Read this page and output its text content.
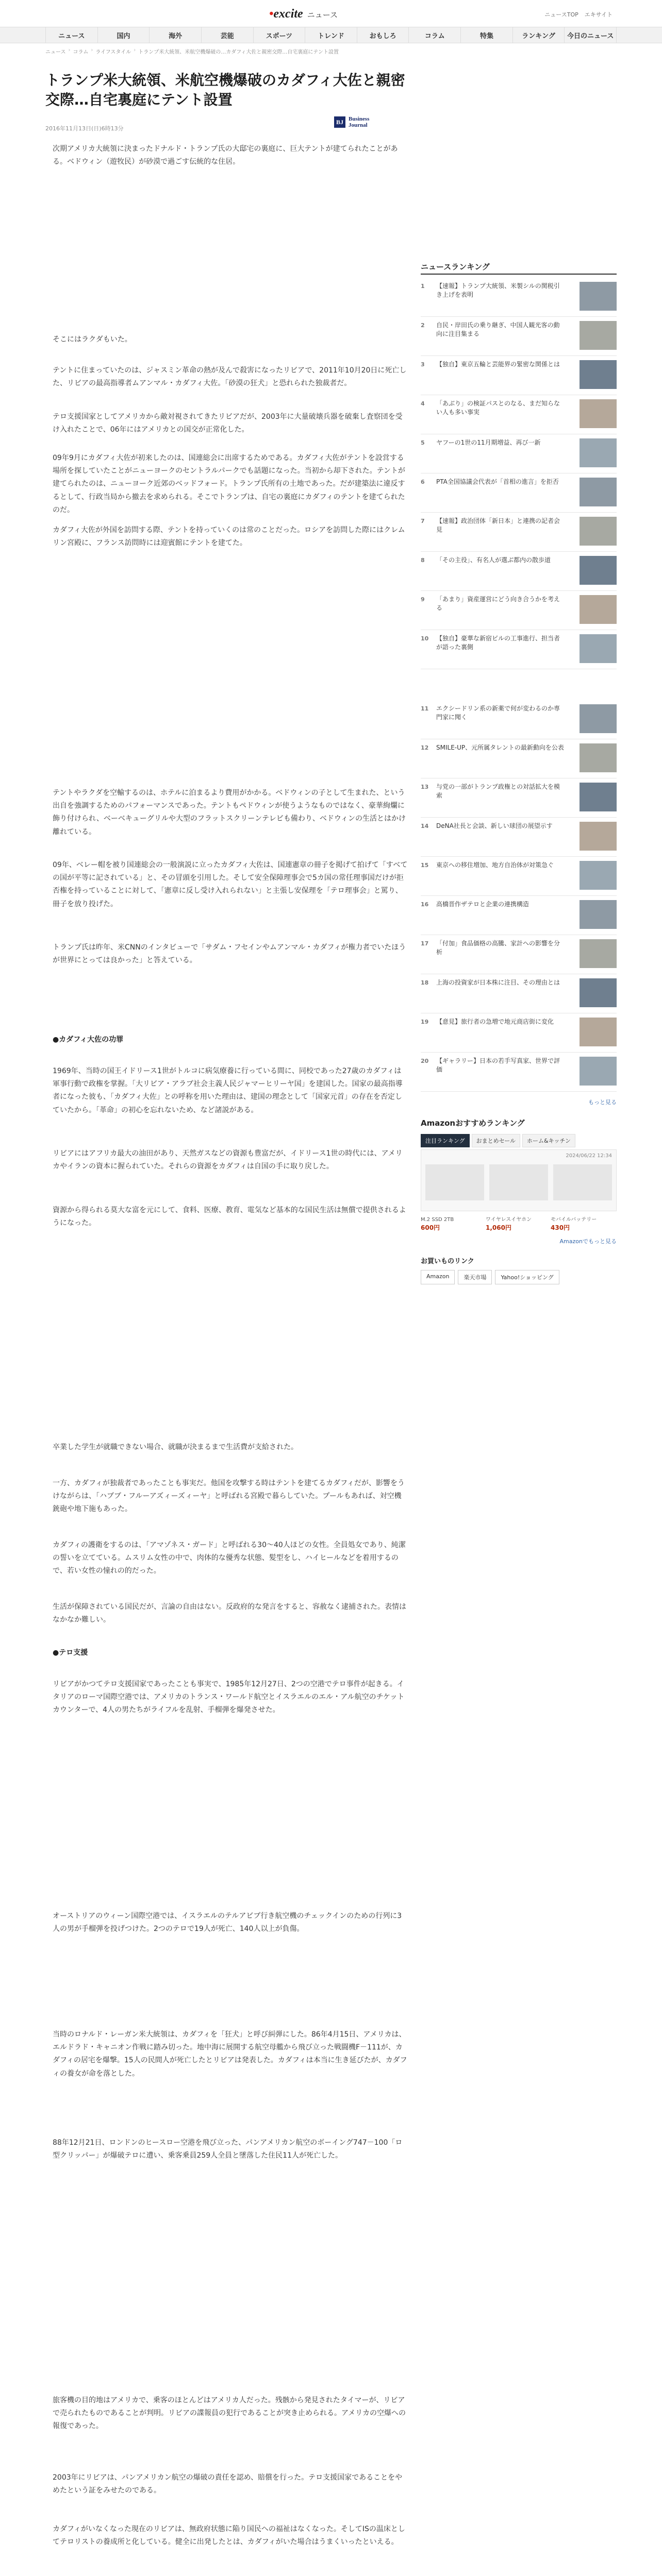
•excite ニュース	ニュースTOP エキサイト
ニュース	国内	海外	芸能	スポーツ	トレンド	おもしろ	コラム	特集	ランキング	今日のニュース
ニュース › コラム › ライフスタイル › トランプ米大統領、米航空機爆破の…カダフィ大佐と親密交際…自宅裏庭にテント設置
トランプ米大統領、米航空機爆破のカダフィ大佐と親密交際…自宅裏庭にテント設置
2016年11月13日(日)6時13分
BJ Business
Journal

次期アメリカ大統領に決まったドナルド・トランプ氏の大邸宅の裏庭に、巨大テントが建てられたことがある。ベドウィン（遊牧民）が砂漠で過ごす伝統的な住居。

そこにはラクダもいた。

テントに住まっていたのは、ジャスミン革命の熱が及んで殺害になったリビアで、2011年10月20日に死亡した、リビアの最高指導者ムアンマル・カダフィ大佐。「砂漠の狂犬」と恐れられた独裁者だ。

テロ支援国家としてアメリカから敵対視されてきたリビアだが、2003年に大量破壊兵器を破棄し査察団を受け入れたことで、06年にはアメリカとの国交が正常化した。

09年9月にカダフィ大佐が初来したのは、国連総会に出席するためである。カダフィ大佐がテントを設営する場所を探していたことがニューヨークのセントラルパークでも話題になった。当初から却下された。テントが建てられたのは、ニューヨーク近郊のベッドフォード。トランプ氏所有の土地であった。だが建築法に違反するとして、行政当局から撤去を求められる。そこでトランプは、自宅の裏庭にカダフィのテントを建てられたのだ。

カダフィ大佐が外国を訪問する際、テントを持っていくのは常のことだった。ロシアを訪問した際にはクレムリン宮殿に、フランス訪問時には迎賓館にテントを建てた。

テントやラクダを空輸するのは、ホテルに泊まるより費用がかかる。ベドウィンの子として生まれた、という出自を強調するためのパフォーマンスであった。テントもペドウィンが使うようなものではなく、豪華絢爛に飾り付けられ、ベーベキューグリルや大型のフラットスクリーンテレビも備わり、ベドウィンの生活とはかけ離れている。

09年、ベレー帽を被り国連総会の一般演説に立ったカダフィ大佐は、国連憲章の冊子を掲げて拍げて「すべての国が平等に記されている」と、その冒頭を引用した。そして安全保障理事会で5カ国の常任理事国だけが拒否権を持っていることに対して、「憲章に反し受け入れられない」と主張し安保理を「テロ理事会」と罵り、冊子を放り投げた。

トランプ氏は昨年、米CNNのインタビューで「サダム・フセインやムアンマル・カダフィが権力者でいたほうが世界にとっては良かった」と答えている。

●カダフィ大佐の功罪

1969年、当時の国王イドリース1世がトルコに病気療養に行っている間に、同校であった27歳のカダフィは軍事行動で政権を掌握。「大リビア・アラブ社会主義人民ジャマーヒリーヤ国」を建国した。国家の最高指導者になった彼も、「カダフィ大佐」との呼称を用いた理由は、建国の理念として「国家元首」の存在を否定していたから。「革命」の初心を忘れないため、など諸説がある。

リビアにはアフリカ最大の油田があり、天然ガスなどの資源も豊富だが、イドリース1世の時代には、アメリカやイランの資本に握られていた。それらの資源をカダフィは自国の手に取り戻した。

資源から得られる莫大な富を元にして、食料、医療、教育、電気など基本的な国民生活は無償で提供されるようになった。

卒業した学生が就職できない場合、就職が決まるまで生活費が支給された。

一方、カダフィが独裁者であったことも事実だ。他国を攻撃する時はテントを建てるカダフィだが、影響をうけながらは、「ハブブ・フルーアズィーズィーヤ」と呼ばれる宮殿で暮らしていた。プールもあれば、対空機銃砲や地下施もあった。

カダフィの護衛をするのは、「アマゾネス・ガード」と呼ばれる30～40人ほどの女性。全員処女であり、純潔の誓いを立てている。ムスリム女性の中で、肉体的な優秀な状態、髪型をし、ハイヒールなどを着用するので、若い女性の憧れの的だった。

生活が保障されている国民だが、言論の自由はない。反政府的な発言をすると、容赦なく逮捕された。表情はなかなか難しい。

●テロ支援

リビアがかつてテロ支援国家であったことも事実で、1985年12月27日、2つの空港でテロ事件が起きる。イタリアのローマ国際空港では、アメリカのトランス・ワールド航空とイスラエルのエル・アル航空のチケットカウンターで、4人の男たちがライフルを乱射、手榴弾を爆発させた。

オーストリアのウィーン国際空港では、イスラエルのテルアビブ行き航空機のチェックインのための行列に3人の男が手榴弾を投げつけた。2つのテロで19人が死亡、140人以上が負傷。

当時のロナルド・レーガン米大統領は、カダフィを「狂犬」と呼び糾弾にした。86年4月15日、アメリカは、エルドラド・キャニオン作戦に踏み切った。地中海に展開する航空母艦から飛び立った戦闘機F－111が、カダフィの居宅を爆撃。15人の民間人が死亡したとリビアは発表した。カダフィは本当に生き延びたが、カダフィの養女が命を落とした。

88年12月21日、ロンドンのヒースロー空港を飛び立った、パンアメリカン航空のボーイング747－100「ロ型クリッパー」が爆破テロに遭い、乗客乗員259人全員と墜落した住民11人が死亡した。

旅客機の目的地はアメリカで、乗客のほとんどはアメリカ人だった。残骸から発見されたタイマーが、リビアで売られたものであることが判明。リビアの諜報員の犯行であることが突き止められる。アメリカの空爆への報復であった。

2003年にリビアは、パンアメリカン航空の爆破の責任を認め、賠償を行った。テロ支援国家であることをやめたという証をみせたのである。

カダフィがいなくなった現在のリビアは、無政府状態に陥り国民への福祉はなくなった。そしてISの温床としてテロリストの養成所と化している。健全に出発したとは、カダフィがいた場合はうまくいったといえる。

ニュースランキング
1	【速報】トランプ大統領、米製シルの関税引き上げを表明
2	自民・岸田氏の乗り継ぎ、中国人観光客の動向に注目集まる
3	【独自】東京五輪と芸能界の緊密な関係とは
4	「あぶり」の検証パスとのなる、まだ知らない人も多い事実
5	ヤフーの1世の11月期増益、再び一新
6	PTA全国協議会代表が「首相の進言」を拒否
7	【速報】政治団体「新日本」と連携の記者会見
8	「その主役」、有名人が選ぶ都内の散歩道
9	「あまり」資産運営にどう向き合うかを考える
10	【独自】豪華な新宿ビルの工事進行、担当者が語った裏側
11	エクシードリン系の新薬で何が変わるのか専門家に聞く
12	SMILE-UP、元所属タレントの最新動向を公表
13	与党の一部がトランプ政権との対話拡大を模索
14	DeNA社長と会談、新しい球団の展望示す
15	東京への移住増加、地方自治体が対策急ぐ
16	高橋晋作ザテロと企業の連携構造
17	「付加」食品価格の高騰、家計への影響を分析
18	上海の投資家が日本株に注目、その理由とは
19	【意見】旅行者の急増で地元商店街に変化
20	【ギャラリー】日本の若手写真家、世界で評価
もっと見る
Amazonおすすめランキング
注目ランキング	おまとめセール	ホーム&キッチン
2024/06/22 12:34
M.2 SSD 2TB
600円
ワイヤレスイヤホン
1,060円
モバイルバッテリー
430円
Amazonでもっと見る
お買いものリンク
Amazon	楽天市場	Yahoo!ショッピング
